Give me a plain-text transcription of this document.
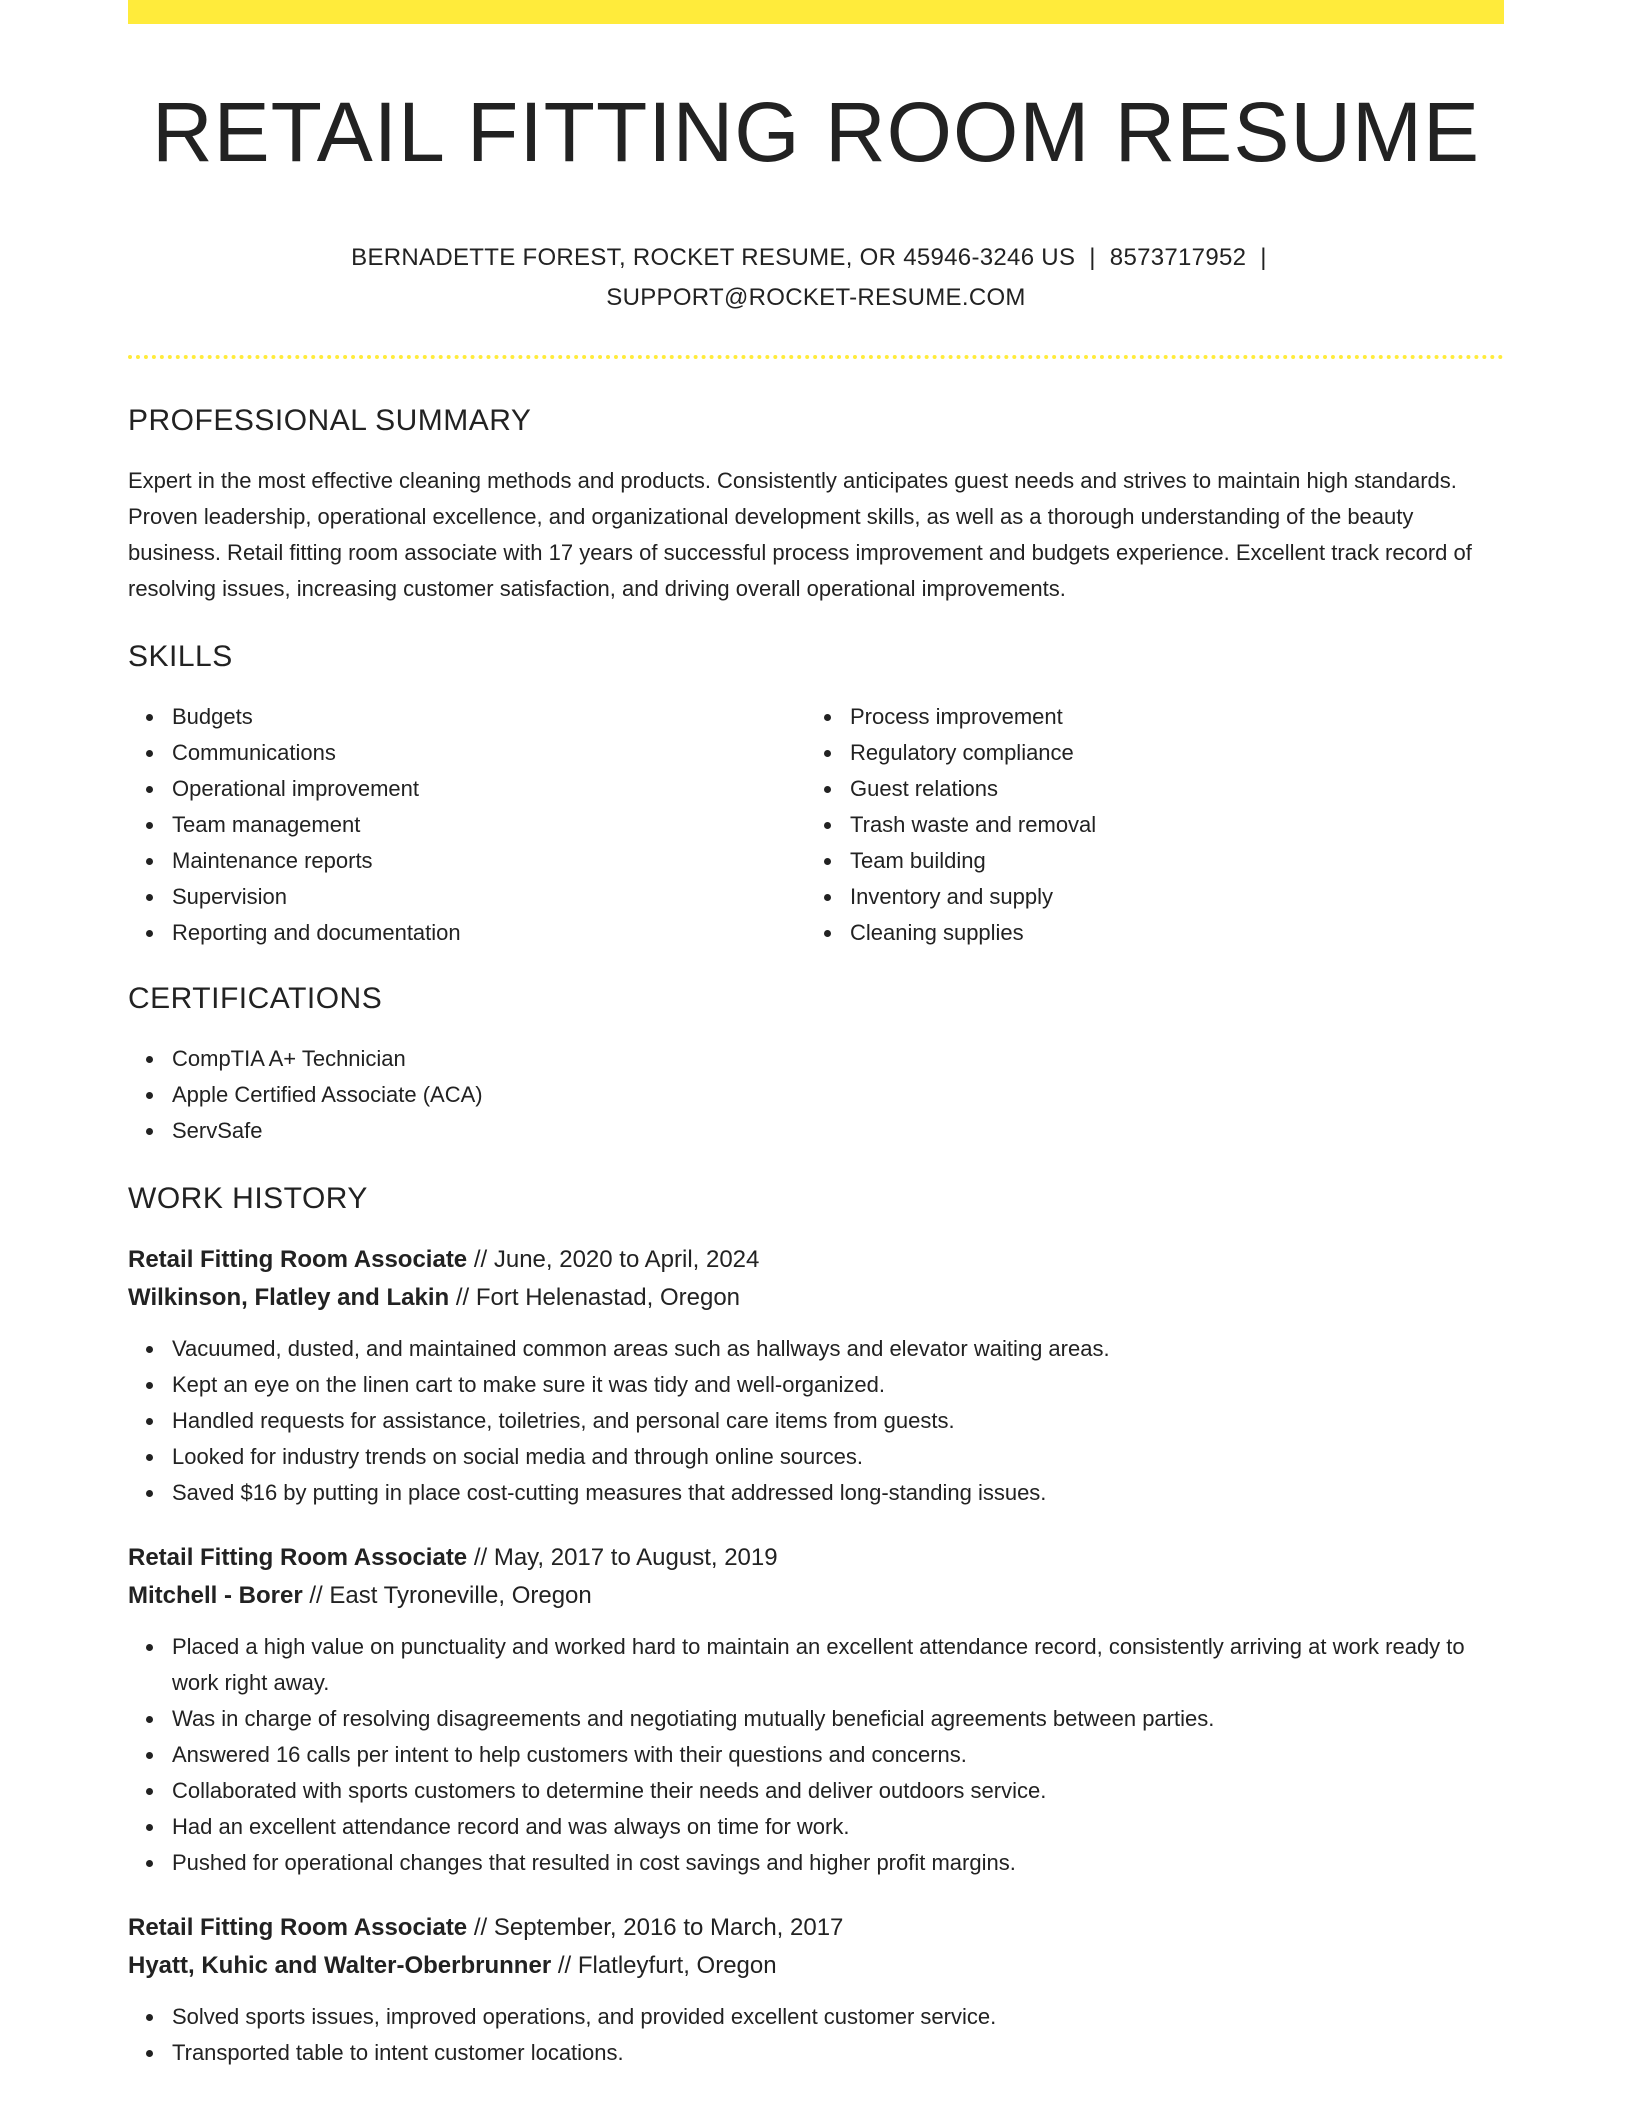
RETAIL FITTING ROOM RESUME
BERNADETTE FOREST, ROCKET RESUME, OR 45946-3246 US | 8573717952 |
SUPPORT@ROCKET-RESUME.COM
PROFESSIONAL SUMMARY
Expert in the most effective cleaning methods and products. Consistently anticipates guest needs and strives to maintain high standards. Proven leadership, operational excellence, and organizational development skills, as well as a thorough understanding of the beauty business. Retail fitting room associate with 17 years of successful process improvement and budgets experience. Excellent track record of resolving issues, increasing customer satisfaction, and driving overall operational improvements.
SKILLS
Budgets
Communications
Operational improvement
Team management
Maintenance reports
Supervision
Reporting and documentation
Process improvement
Regulatory compliance
Guest relations
Trash waste and removal
Team building
Inventory and supply
Cleaning supplies
CERTIFICATIONS
CompTIA A+ Technician
Apple Certified Associate (ACA)
ServSafe
WORK HISTORY
Retail Fitting Room Associate // June, 2020 to April, 2024
Wilkinson, Flatley and Lakin // Fort Helenastad, Oregon
Vacuumed, dusted, and maintained common areas such as hallways and elevator waiting areas.
Kept an eye on the linen cart to make sure it was tidy and well-organized.
Handled requests for assistance, toiletries, and personal care items from guests.
Looked for industry trends on social media and through online sources.
Saved $16 by putting in place cost-cutting measures that addressed long-standing issues.
Retail Fitting Room Associate // May, 2017 to August, 2019
Mitchell - Borer // East Tyroneville, Oregon
Placed a high value on punctuality and worked hard to maintain an excellent attendance record, consistently arriving at work ready to work right away.
Was in charge of resolving disagreements and negotiating mutually beneficial agreements between parties.
Answered 16 calls per intent to help customers with their questions and concerns.
Collaborated with sports customers to determine their needs and deliver outdoors service.
Had an excellent attendance record and was always on time for work.
Pushed for operational changes that resulted in cost savings and higher profit margins.
Retail Fitting Room Associate // September, 2016 to March, 2017
Hyatt, Kuhic and Walter-Oberbrunner // Flatleyfurt, Oregon
Solved sports issues, improved operations, and provided excellent customer service.
Transported table to intent customer locations.
